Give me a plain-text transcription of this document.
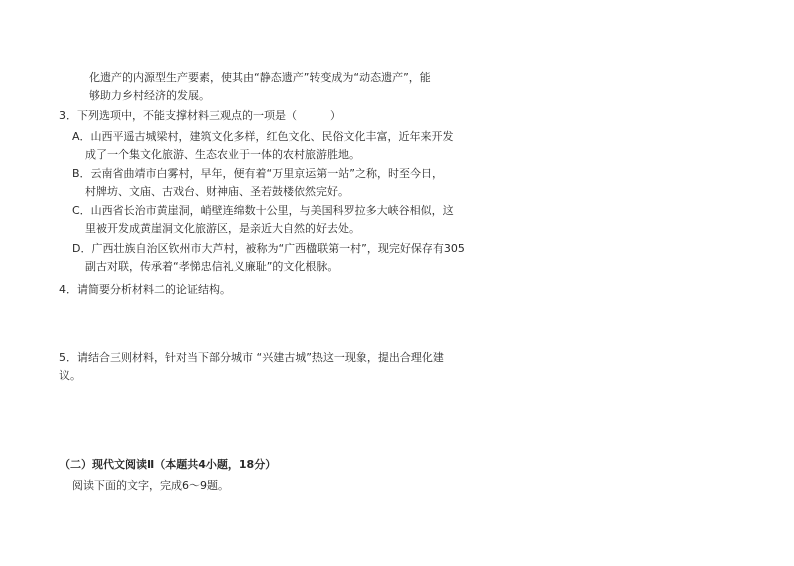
化遗产的内源型生产要素，使其由“静态遗产”转变成为“动态遗产”，能
够助力乡村经济的发展。
3．下列选项中，不能支撑材料三观点的一项是（　　　）
A．山西平遥古城梁村，建筑文化多样，红色文化、民俗文化丰富，近年来开发
成了一个集文化旅游、生态农业于一体的农村旅游胜地。
B．云南省曲靖市白雾村，早年，便有着“万里京运第一站”之称，时至今日，
村牌坊、文庙、古戏台、财神庙、圣若鼓楼依然完好。
C．山西省长治市黄崖洞，峭壁连绵数十公里，与美国科罗拉多大峡谷相似，这
里被开发成黄崖洞文化旅游区，是亲近大自然的好去处。
D．广西壮族自治区钦州市大芦村，被称为“广西楹联第一村”，现完好保存有305
副古对联，传承着“孝悌忠信礼义廉耻”的文化根脉。
4．请简要分析材料二的论证结构。
5．请结合三则材料，针对当下部分城市 “兴建古城”热这一现象，提出合理化建
议。
（二）现代文阅读Ⅱ（本题共4小题，18分）
阅读下面的文字，完成6～9题。
